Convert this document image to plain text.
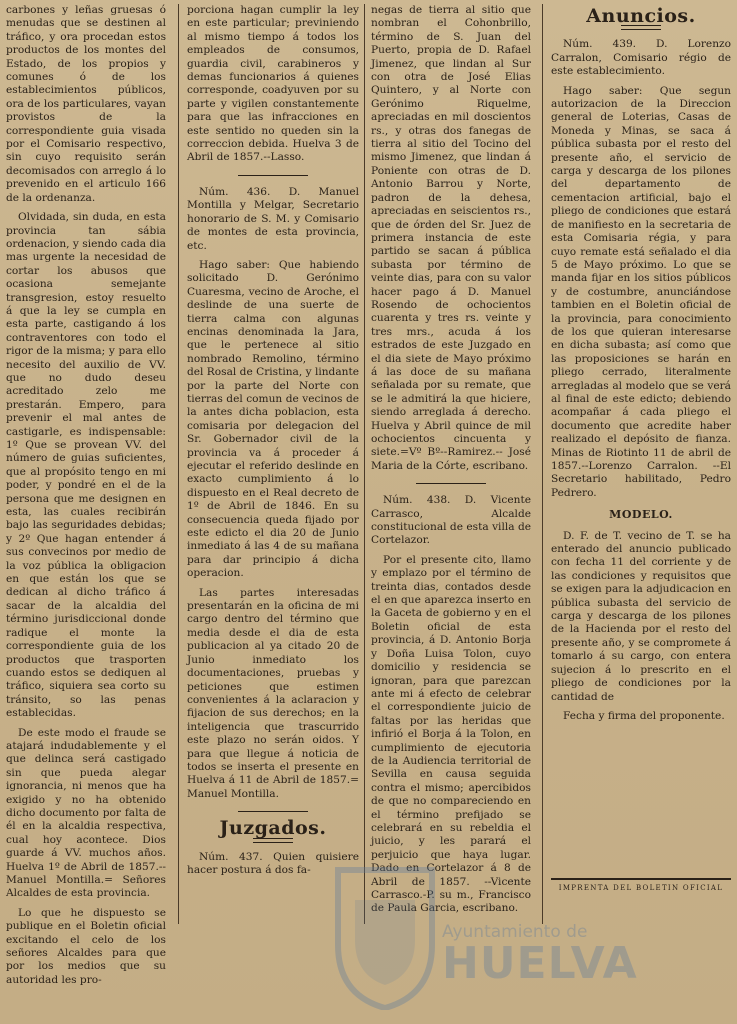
carbones y leñas gruesas ó menudas que se destinen al tráfico, y ora procedan estos productos de los montes del Estado, de los propios y comunes ó de los establecimientos públicos, ora de los particulares, vayan provistos de la correspondiente guia visada por el Comisario respectivo, sin cuyo requisito serán decomisados con arreglo á lo prevenido en el articulo 166 de la ordenanza.

Olvidada, sin duda, en esta provincia tan sábia ordenacion, y siendo cada dia mas urgente la necesidad de cortar los abusos que ocasiona semejante transgresion, estoy resuelto á que la ley se cumpla en esta parte, castigando á los contraventores con todo el rigor de la misma; y para ello necesito del auxilio de VV. que no dudo deseu acreditado zelo me prestarán. Empero, para prevenir el mal antes de castigarle, es indispensable: 1º Que se provean VV. del número de guias suficientes, que al propósito tengo en mi poder, y pondré en el de la persona que me designen en esta, las cuales recibirán bajo las seguridades debidas; y 2º Que hagan entender á sus convecinos por medio de la voz pública la obligacion en que están los que se dedican al dicho tráfico á sacar de la alcaldia del término jurisdiccional donde radique el monte la correspondiente guia de los productos que trasporten cuando estos se dediquen al tráfico, siquiera sea corto su tránsito, so las penas establecidas.

De este modo el fraude se atajará indudablemente y el que delinca será castigado sin que pueda alegar ignorancia, ni menos que ha exigido y no ha obtenido dicho documento por falta de él en la alcaldia respectiva, cual hoy acontece. Dios guarde á VV. muchos años. Huelva 1º de Abril de 1857.--Manuel Montilla.= Señores Alcaldes de esta provincia.

Lo que he dispuesto se publique en el Boletin oficial excitando el celo de los señores Alcaldes para que por los medios que su autoridad les pro-

porciona hagan cumplir la ley en este particular; previniendo al mismo tiempo á todos los empleados de consumos, guardia civil, carabineros y demas funcionarios á quienes corresponde, coadyuven por su parte y vigilen constantemente para que las infracciones en este sentido no queden sin la correccion debida. Huelva 3 de Abril de 1857.--Lasso.

Núm. 436. D. Manuel Montilla y Melgar, Secretario honorario de S. M. y Comisario de montes de esta provincia, etc.

Hago saber: Que habiendo solicitado D. Gerónimo Cuaresma, vecino de Aroche, el deslinde de una suerte de tierra calma con algunas encinas denominada la Jara, que le pertenece al sitio nombrado Remolino, término del Rosal de Cristina, y lindante por la parte del Norte con tierras del comun de vecinos de la antes dicha poblacion, esta comisaria por delegacion del Sr. Gobernador civil de la provincia va á proceder á ejecutar el referido deslinde en exacto cumplimiento á lo dispuesto en el Real decreto de 1º de Abril de 1846. En su consecuencia queda fijado por este edicto el dia 20 de Junio inmediato á las 4 de su mañana para dar principio á dicha operacion.

Las partes interesadas presentarán en la oficina de mi cargo dentro del término que media desde el dia de esta publicacion al ya citado 20 de Junio inmediato los documentaciones, pruebas y peticiones que estimen convenientes á la aclaracion y fijacion de sus derechos; en la inteligencia que trascurrido este plazo no serán oidos. Y para que llegue á noticia de todos se inserta el presente en Huelva á 11 de Abril de 1857.= Manuel Montilla.

Juzgados.

Núm. 437. Quien quisiere hacer postura á dos fa-

negas de tierra al sitio que nombran el Cohonbrillo, término de S. Juan del Puerto, propia de D. Rafael Jimenez, que lindan al Sur con otra de José Elias Quintero, y al Norte con Gerónimo Riquelme, apreciadas en mil doscientos rs., y otras dos fanegas de tierra al sitio del Tocino del mismo Jimenez, que lindan á Poniente con otras de D. Antonio Barrou y Norte, padron de la dehesa, apreciadas en seiscientos rs., que de órden del Sr. Juez de primera instancia de este partido se sacan á pública subasta por término de veinte dias, para con su valor hacer pago á D. Manuel Rosendo de ochocientos cuarenta y tres rs. veinte y tres mrs., acuda á los estrados de este Juzgado en el dia siete de Mayo próximo á las doce de su mañana señalada por su remate, que se le admitirá la que hiciere, siendo arreglada á derecho. Huelva y Abril quince de mil ochocientos cincuenta y siete.=Vº Bº--Ramirez.-- José Maria de la Córte, escribano.

Núm. 438. D. Vicente Carrasco, Alcalde constitucional de esta villa de Cortelazor.

Por el presente cito, llamo y emplazo por el término de treinta dias, contados desde el en que aparezca inserto en la Gaceta de gobierno y en el Boletin oficial de esta provincia, á D. Antonio Borja y Doña Luisa Tolon, cuyo domicilio y residencia se ignoran, para que parezcan ante mi á efecto de celebrar el correspondiente juicio de faltas por las heridas que infirió el Borja á la Tolon, en cumplimiento de ejecutoria de la Audiencia territorial de Sevilla en causa seguida contra el mismo; apercibidos de que no compareciendo en el término prefijado se celebrará en su rebeldia el juicio, y les parará el perjuicio que haya lugar. Dado en Cortelazor á 8 de Abril de 1857. --Vicente Carrasco.-P. su m., Francisco de Paula Garcia, escribano.

Anuncios.

Núm. 439. D. Lorenzo Carralon, Comisario régio de este establecimiento.

Hago saber: Que segun autorizacion de la Direccion general de Loterias, Casas de Moneda y Minas, se saca á pública subasta por el resto del presente año, el servicio de carga y descarga de los pilones del departamento de cementacion artificial, bajo el pliego de condiciones que estará de manifiesto en la secretaria de esta Comisaria régia, y para cuyo remate está señalado el dia 5 de Mayo próximo. Lo que se manda fijar en los sitios públicos y de costumbre, anunciándose tambien en el Boletin oficial de la provincia, para conocimiento de los que quieran interesarse en dicha subasta; así como que las proposiciones se harán en pliego cerrado, literalmente arregladas al modelo que se verá al final de este edicto; debiendo acompañar á cada pliego el documento que acredite haber realizado el depósito de fianza. Minas de Riotinto 11 de abril de 1857.--Lorenzo Carralon. --El Secretario habilitado, Pedro Pedrero.

MODELO.

D. F. de T. vecino de T. se ha enterado del anuncio publicado con fecha 11 del corriente y de las condiciones y requisitos que se exigen para la adjudicacion en pública subasta del servicio de carga y descarga de los pilones de la Hacienda por el resto del presente año, y se compromete á tomarlo á su cargo, con entera sujecion á lo prescrito en el pliego de condiciones por la cantidad de

Fecha y firma del proponente.

IMPRENTA DEL BOLETIN OFICIAL
Ayuntamiento de
HUELVA
